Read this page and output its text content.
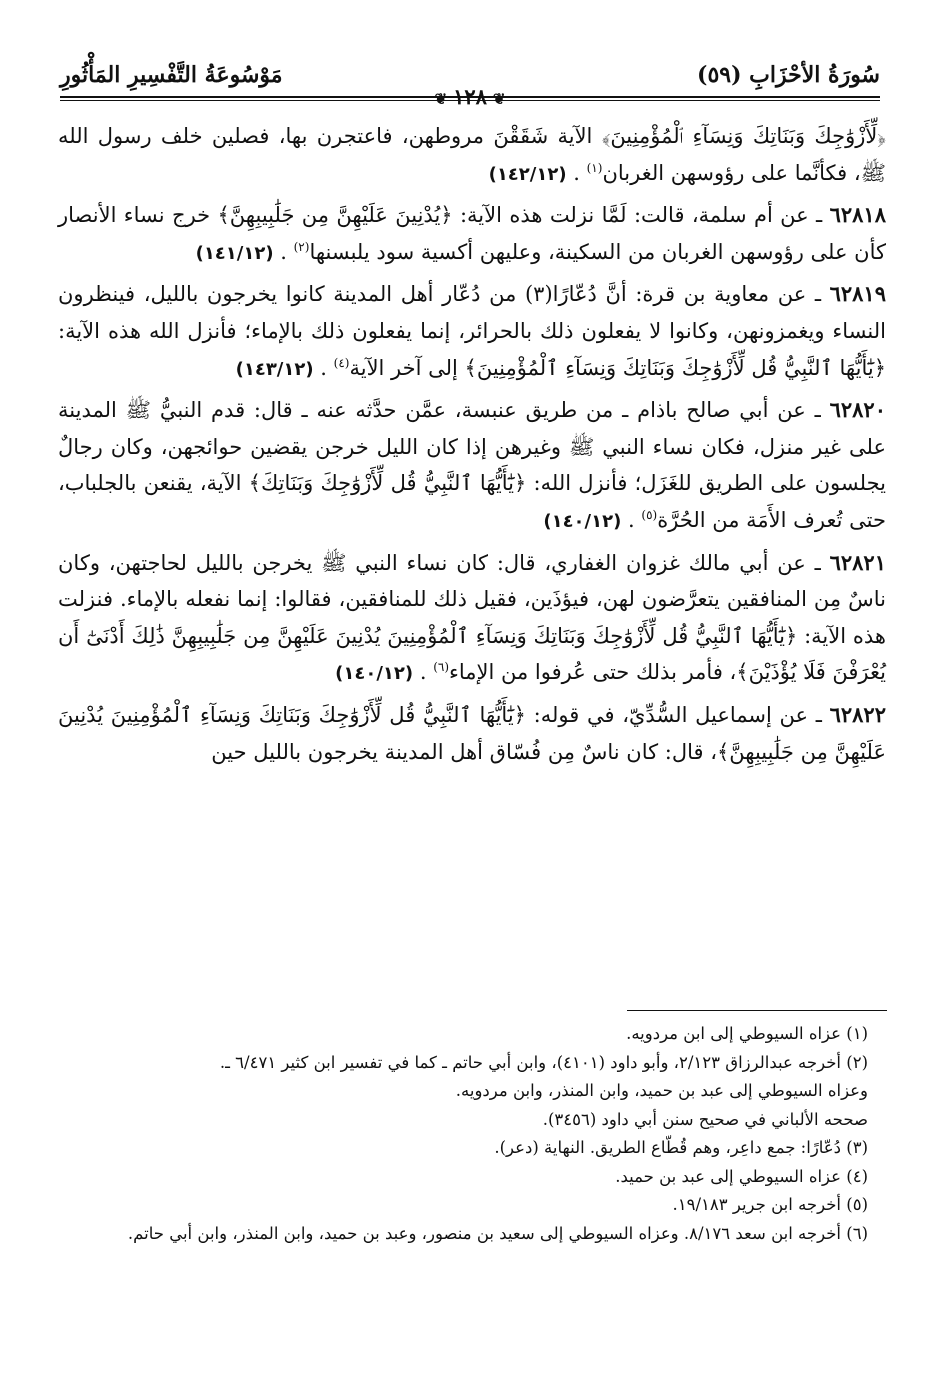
سُورَةُ الأحْزَابِ (٥٩)
مَوْسُوعَةُ التَّفْسِيرِ المَأْثُورِ
❦١٢٨❦

﴿لِّأَزْوَٰجِكَ وَبَنَاتِكَ وَنِسَآءِ ٱلْمُؤْمِنِينَ﴾ الآية شَقَقْنَ مروطهن، فاعتجرن بها، فصلين خلف رسول الله ﷺ، فكأنَّما على رؤوسهن الغربان$^{(١)}$ . (١٤٢/١٢)

٦٢٨١٨ ـ عن أم سلمة، قالت: لَمَّا نزلت هذه الآية: ﴿يُدْنِينَ عَلَيْهِنَّ مِن جَلَٰبِيبِهِنَّ﴾ خرج نساء الأنصار كأن على رؤوسهن الغربان من السكينة، وعليهن أكسية سود يلبسنها$^{(٢)}$ . (١٤١/١٢)

٦٢٨١٩ ـ عن معاوية بن قرة: أنَّ دُعّارًا(٣) من دُعّار أهل المدينة كانوا يخرجون بالليل، فينظرون النساء ويغمزونهن، وكانوا لا يفعلون ذلك بالحرائر، إنما يفعلون ذلك بالإماء؛ فأنزل الله هذه الآية: ﴿يَٰٓأَيُّهَا ٱلنَّبِيُّ قُل لِّأَزْوَٰجِكَ وَبَنَاتِكَ وَنِسَآءِ ٱلْمُؤْمِنِينَ﴾ إلى آخر الآية$^{(٤)}$ . (١٤٣/١٢)

٦٢٨٢٠ ـ عن أبي صالح باذام ـ من طريق عنبسة، عمَّن حدَّثه عنه ـ قال: قدم النبيُّ ﷺ المدينة على غير منزل، فكان نساء النبي ﷺ وغيرهن إذا كان الليل خرجن يقضين حوائجهن، وكان رجالٌ يجلسون على الطريق للغَزَل؛ فأنزل الله: ﴿يَٰٓأَيُّهَا ٱلنَّبِيُّ قُل لِّأَزْوَٰجِكَ وَبَنَاتِكَ﴾ الآية، يقنعن بالجلباب، حتى تُعرف الأَمَة من الحُرَّة$^{(٥)}$ . (١٤٠/١٢)

٦٢٨٢١ ـ عن أبي مالك غزوان الغفاري، قال: كان نساء النبي ﷺ يخرجن بالليل لحاجتهن، وكان ناسٌ مِن المنافقين يتعرَّضون لهن، فيؤذَين، فقيل ذلك للمنافقين، فقالوا: إنما نفعله بالإماء. فنزلت هذه الآية: ﴿يَٰٓأَيُّهَا ٱلنَّبِيُّ قُل لِّأَزْوَٰجِكَ وَبَنَاتِكَ وَنِسَآءِ ٱلْمُؤْمِنِينَ يُدْنِينَ عَلَيْهِنَّ مِن جَلَٰبِيبِهِنَّ ذَٰلِكَ أَدْنَىٰٓ أَن يُعْرَفْنَ فَلَا يُؤْذَيْنَ﴾، فأمر بذلك حتى عُرفوا من الإماء$^{(٦)}$ . (١٤٠/١٢)

٦٢٨٢٢ ـ عن إسماعيل السُّدِّيّ، في قوله: ﴿يَٰٓأَيُّهَا ٱلنَّبِيُّ قُل لِّأَزْوَٰجِكَ وَبَنَاتِكَ وَنِسَآءِ ٱلْمُؤْمِنِينَ يُدْنِينَ عَلَيْهِنَّ مِن جَلَٰبِيبِهِنَّ﴾، قال: كان ناسٌ مِن فُسّاق أهل المدينة يخرجون بالليل حين

(١) عزاه السيوطي إلى ابن مردويه.

(٢) أخرجه عبدالرزاق ٢/١٢٣، وأبو داود (٤١٠١)، وابن أبي حاتم ـ كما في تفسير ابن كثير ٦/٤٧١ ـ.

وعزاه السيوطي إلى عبد بن حميد، وابن المنذر، وابن مردويه.

صححه الألباني في صحيح سنن أبي داود (٣٤٥٦).

(٣) دُعّارًا: جمع داعِر، وهم قُطّاع الطريق. النهاية (دعر).

(٤) عزاه السيوطي إلى عبد بن حميد.

(٥) أخرجه ابن جرير ١٩/١٨٣.

(٦) أخرجه ابن سعد ٨/١٧٦. وعزاه السيوطي إلى سعيد بن منصور، وعبد بن حميد، وابن المنذر، وابن أبي حاتم.
